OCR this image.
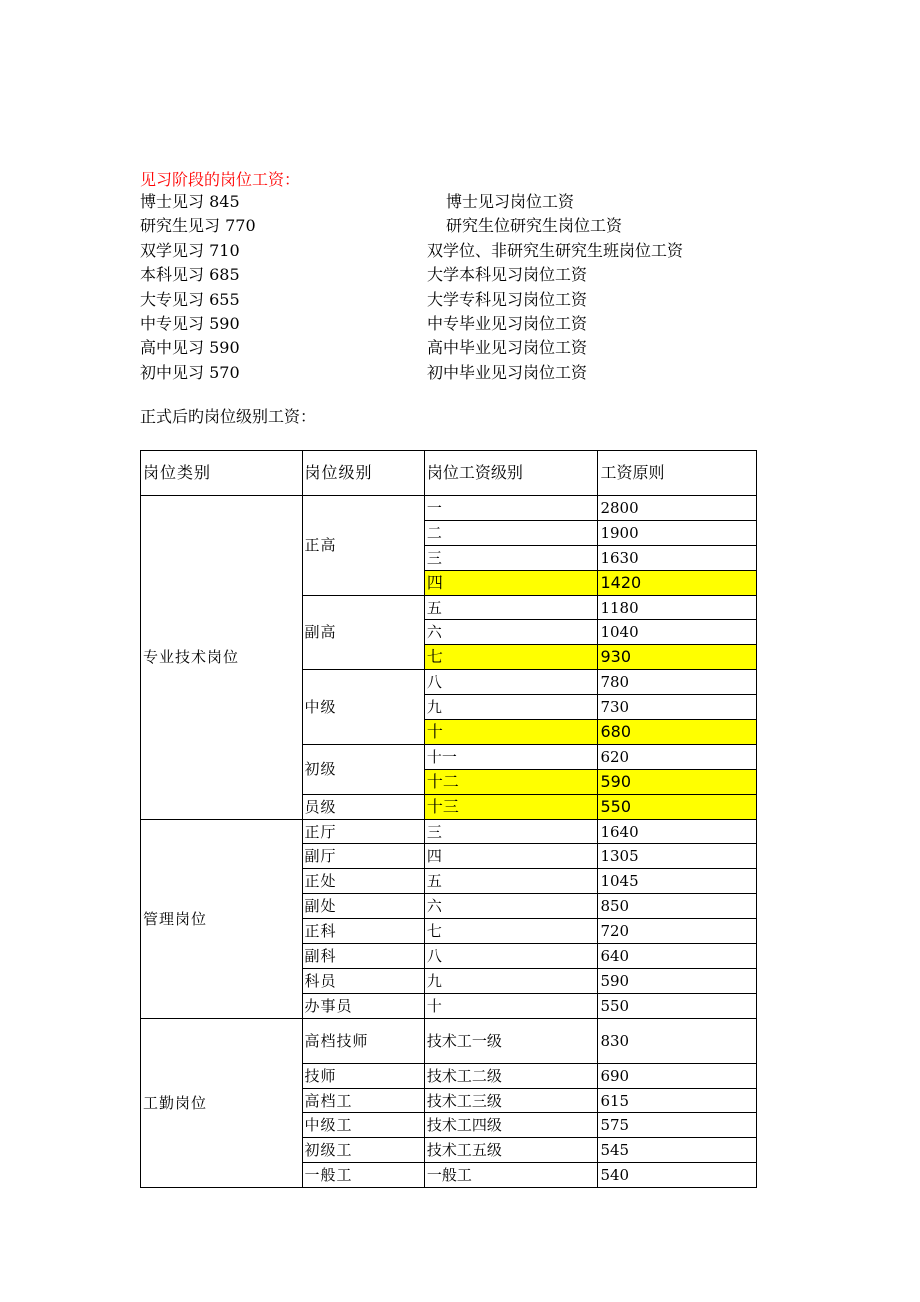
见习阶段的岗位工资：
博士见习 845	博士见习岗位工资
研究生见习 770	研究生位研究生岗位工资
双学见习 710	双学位、非研究生研究生班岗位工资
本科见习 685	大学本科见习岗位工资
大专见习 655	大学专科见习岗位工资
中专见习 590	中专毕业见习岗位工资
高中见习 590	高中毕业见习岗位工资
初中见习 570	初中毕业见习岗位工资
正式后旳岗位级别工资：
岗位类别	岗位级别	岗位工资级别	工资原则
专业技术岗位	正高	一	2800
		二	1900
		三	1630
		四	1420
	副高	五	1180
		六	1040
		七	930
	中级	八	780
		九	730
		十	680
	初级	十一	620
		十二	590
	员级	十三	550
管理岗位	正厅	三	1640
	副厅	四	1305
	正处	五	1045
	副处	六	850
	正科	七	720
	副科	八	640
	科员	九	590
	办事员	十	550
工勤岗位	高档技师	技术工一级	830
	技师	技术工二级	690
	高档工	技术工三级	615
	中级工	技术工四级	575
	初级工	技术工五级	545
	一般工	一般工	540
